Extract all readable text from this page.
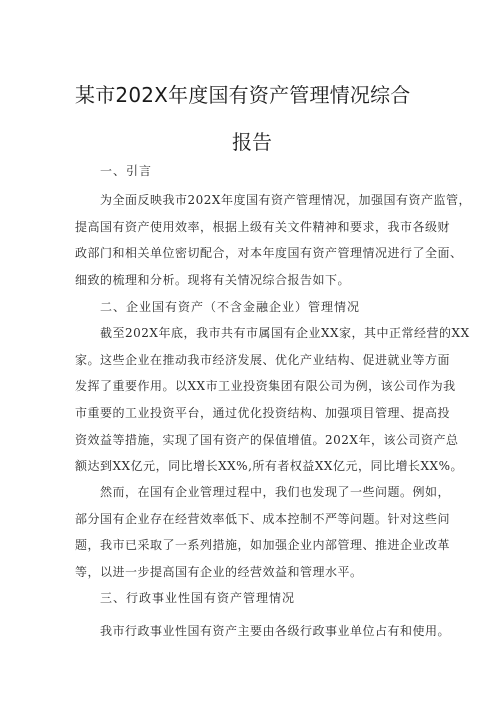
某市202X年度国有资产管理情况综合
报告
一、引言
为全面反映我市202X年度国有资产管理情况，加强国有资产监管，
提高国有资产使用效率，根据上级有关文件精神和要求，我市各级财
政部门和相关单位密切配合，对本年度国有资产管理情况进行了全面、
细致的梳理和分析。现将有关情况综合报告如下。
二、企业国有资产（不含金融企业）管理情况
截至202X年底，我市共有市属国有企业XX家，其中正常经营的XX
家。这些企业在推动我市经济发展、优化产业结构、促进就业等方面
发挥了重要作用。以XX市工业投资集团有限公司为例，该公司作为我
市重要的工业投资平台，通过优化投资结构、加强项目管理、提高投
资效益等措施，实现了国有资产的保值增值。202X年，该公司资产总
额达到XX亿元，同比增长XX%,所有者权益XX亿元，同比增长XX%。
然而，在国有企业管理过程中，我们也发现了一些问题。例如，
部分国有企业存在经营效率低下、成本控制不严等问题。针对这些问
题，我市已采取了一系列措施，如加强企业内部管理、推进企业改革
等，以进一步提高国有企业的经营效益和管理水平。
三、行政事业性国有资产管理情况
我市行政事业性国有资产主要由各级行政事业单位占有和使用。
